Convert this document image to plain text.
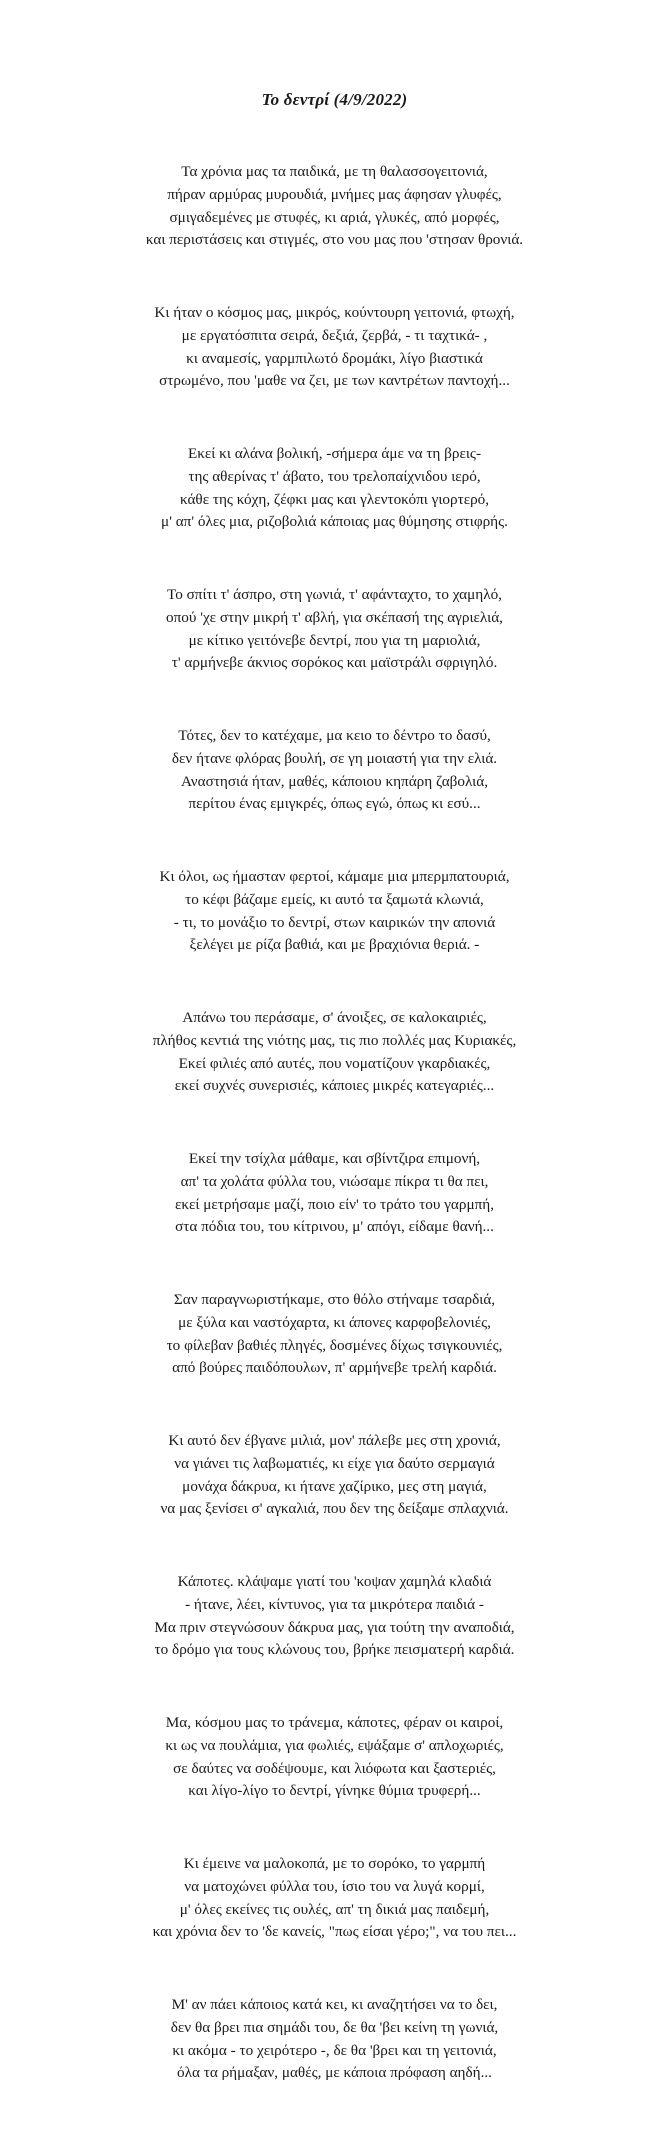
Το δεντρί (4/9/2022)
Τα χρόνια μας τα παιδικά, με τη θαλασσογειτονιά,
πήραν αρμύρας μυρουδιά, μνήμες μας άφησαν γλυφές,
σμιγαδεμένες με στυφές, κι αριά, γλυκές, από μορφές,
και περιστάσεις και στιγμές, στο νου μας που 'στησαν θρονιά.
Κι ήταν ο κόσμος μας, μικρός, κούντουρη γειτονιά, φτωχή,
με εργατόσπιτα σειρά, δεξιά, ζερβά, - τι ταχτικά- ,
κι αναμεσίς, γαρμπιλωτό δρομάκι, λίγο βιαστικά
στρωμένο, που 'μαθε να ζει, με των καντρέτων παντοχή...
Εκεί κι αλάνα βολική, -σήμερα άμε να τη βρεις-
της αθερίνας τ' άβατο, του τρελοπαίχνιδου ιερό,
κάθε της κόχη, ζέφκι μας και γλεντοκόπι γιορτερό,
μ' απ' όλες μια, ριζοβολιά κάποιας μας θύμησης στιφρής.
Το σπίτι τ' άσπρο, στη γωνιά, τ' αφάνταχτο, το χαμηλό,
οπού 'χε στην μικρή τ' αβλή, για σκέπασή της αγριελιά,
με κίτικο γειτόνεβε δεντρί, που για τη μαριολιά,
τ' αρμήνεβε άκνιος σορόκος και μαϊστράλι σφριγηλό.
Τότες, δεν το κατέχαμε, μα κειο το δέντρο το δασύ,
δεν ήτανε φλόρας βουλή, σε γη μοιαστή για την ελιά.
Αναστησιά ήταν, μαθές, κάποιου κηπάρη ζαβολιά,
περίτου ένας εμιγκρές, όπως εγώ, όπως κι εσύ...
Κι όλοι, ως ήμασταν φερτοί, κάμαμε μια μπερμπατουριά,
το κέφι βάζαμε εμείς, κι αυτό τα ξαμωτά κλωνιά,
- τι, το μονάξιο το δεντρί, στων καιρικών την απονιά
ξελέγει με ρίζα βαθιά, και με βραχιόνια θεριά. -
Απάνω του περάσαμε, σ' άνοιξες, σε καλοκαιριές,
πλήθος κεντιά της νιότης μας, τις πιο πολλές μας Κυριακές,
Εκεί φιλιές από αυτές, που νοματίζουν γκαρδιακές,
εκεί συχνές συνερισιές, κάποιες μικρές κατεγαριές...
Εκεί την τσίχλα μάθαμε, και σβίντζιρα επιμονή,
απ' τα χολάτα φύλλα του, νιώσαμε πίκρα τι θα πει,
εκεί μετρήσαμε μαζί, ποιο είν' το τράτο του γαρμπή,
στα πόδια του, του κίτρινου, μ' απόγι, είδαμε θανή...
Σαν παραγνωριστήκαμε, στο θόλο στήναμε τσαρδιά,
με ξύλα και ναστόχαρτα, κι άπονες καρφοβελονιές,
το φίλεβαν βαθιές πληγές, δοσμένες δίχως τσιγκουνιές,
από βούρες παιδόπουλων, π' αρμήνεβε τρελή καρδιά.
Κι αυτό δεν έβγανε μιλιά, μον' πάλεβε μες στη χρονιά,
να γιάνει τις λαβωματιές, κι είχε για δαύτο σερμαγιά
μονάχα δάκρυα, κι ήτανε χαζίρικο, μες στη μαγιά,
να μας ξενίσει σ' αγκαλιά, που δεν της δείξαμε σπλαχνιά.
Κάποτες. κλάψαμε γιατί του 'κοψαν χαμηλά κλαδιά
- ήτανε, λέει, κίντυνος, για τα μικρότερα παιδιά -
Μα πριν στεγνώσουν δάκρυα μας, για τούτη την αναποδιά,
το δρόμο για τους κλώνους του, βρήκε πεισματερή καρδιά.
Μα, κόσμου μας το τράνεμα, κάποτες, φέραν οι καιροί,
κι ως να πουλάμια, για φωλιές, εψάξαμε σ' απλοχωριές,
σε δαύτες να σοδέψουμε, και λιόφωτα και ξαστεριές,
και λίγο-λίγο το δεντρί, γίνηκε θύμια τρυφερή...
Κι έμεινε να μαλοκοπά, με το σορόκο, το γαρμπή
να ματοχώνει φύλλα του, ίσιο του να λυγά κορμί,
μ' όλες εκείνες τις ουλές, απ' τη δικιά μας παιδεμή,
και χρόνια δεν το 'δε κανείς, "πως είσαι γέρο;", να του πει...
Μ' αν πάει κάποιος κατά κει, κι αναζητήσει να το δει,
δεν θα βρει πια σημάδι του, δε θα 'βει κείνη τη γωνιά,
κι ακόμα - το χειρότερο -, δε θα 'βρει και τη γειτονιά,
όλα τα ρήμαξαν, μαθές, με κάποια πρόφαση αηδή...
